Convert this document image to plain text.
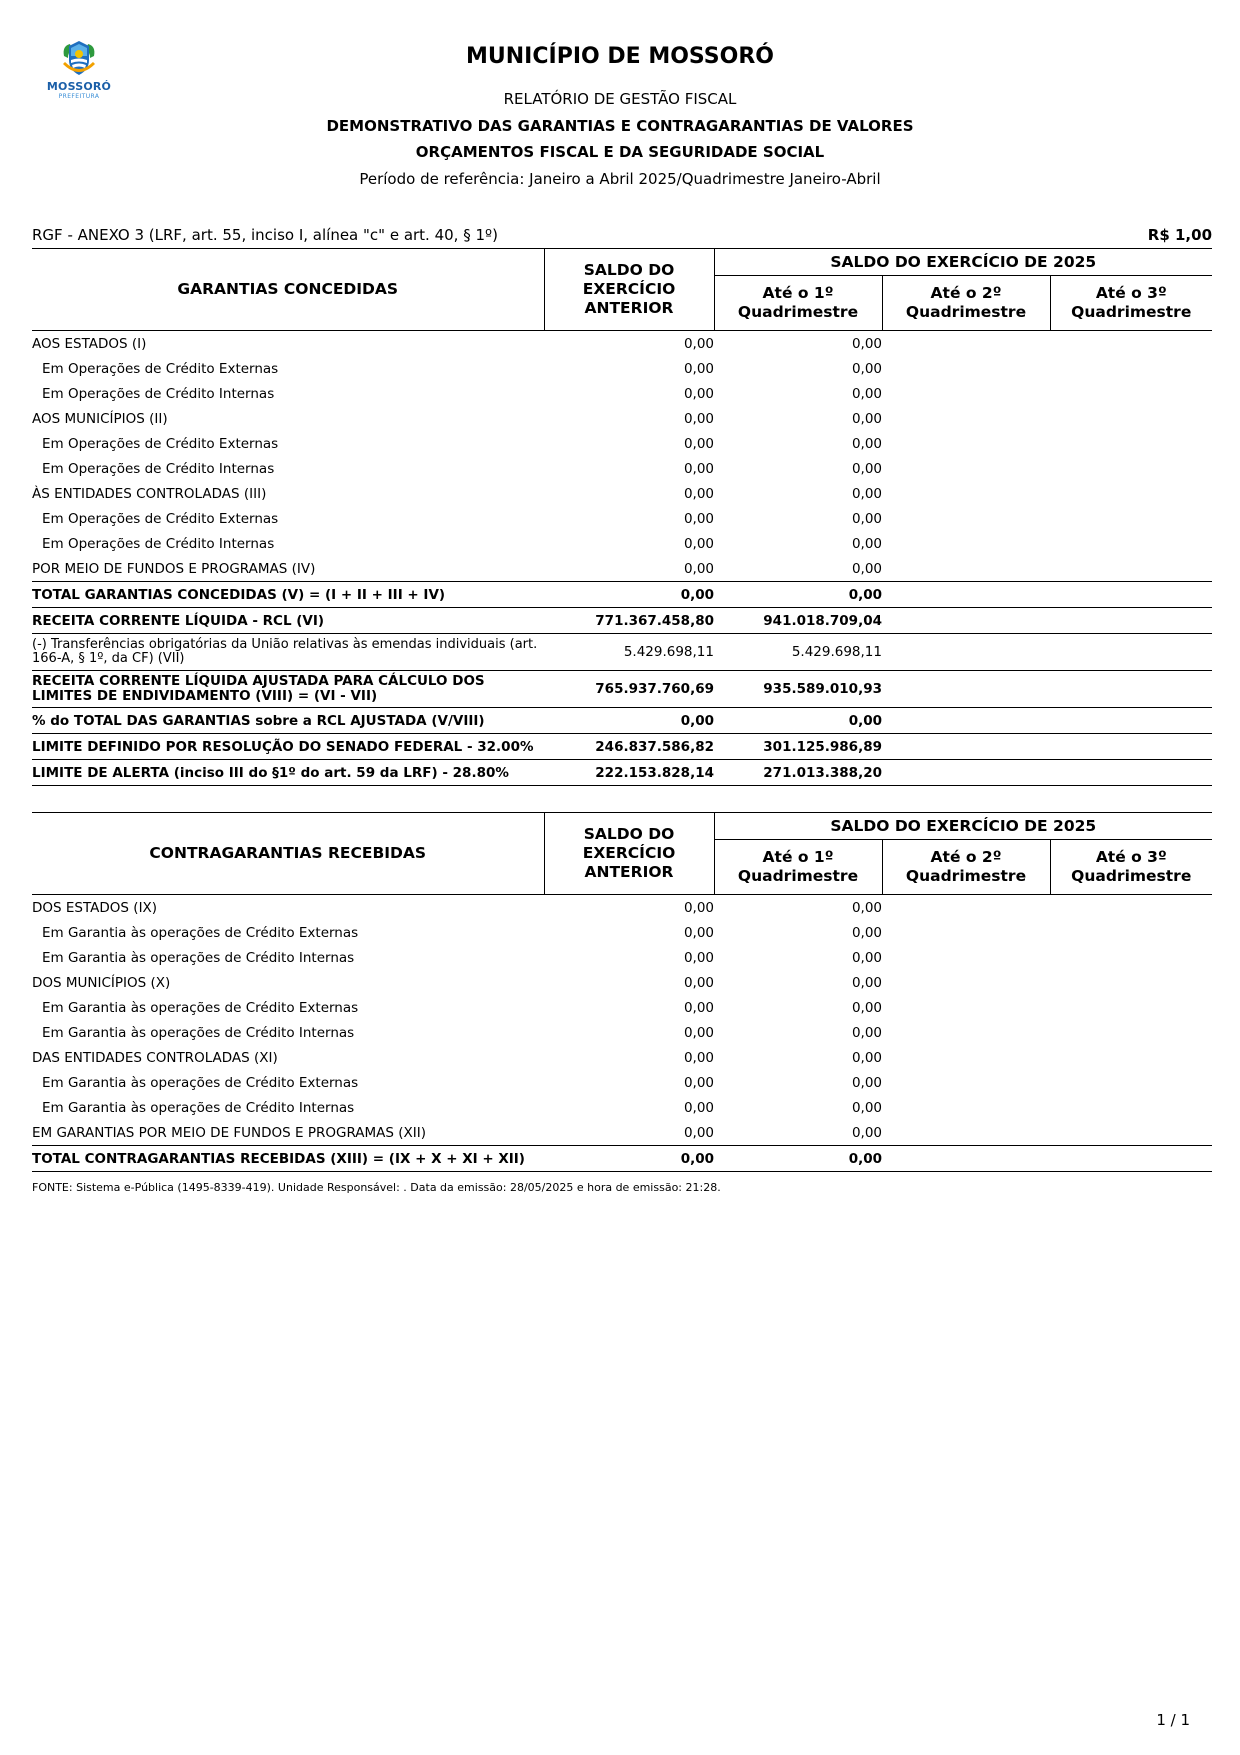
MOSSORÓ
PREFEITURA
MUNICÍPIO DE MOSSORÓ
RELATÓRIO DE GESTÃO FISCAL
DEMONSTRATIVO DAS GARANTIAS E CONTRAGARANTIAS DE VALORES
ORÇAMENTOS FISCAL E DA SEGURIDADE SOCIAL
Período de referência: Janeiro a Abril 2025/Quadrimestre Janeiro-Abril
RGF - ANEXO 3 (LRF, art. 55, inciso I, alínea "c" e art. 40, § 1º)	R$ 1,00
GARANTIAS CONCEDIDAS	SALDO DO EXERCÍCIO ANTERIOR	SALDO DO EXERCÍCIO DE 2025		
		Até o 1º Quadrimestre	Até o 2º Quadrimestre	Até o 3º Quadrimestre
AOS ESTADOS (I)	0,00	0,00		
Em Operações de Crédito Externas	0,00	0,00		
Em Operações de Crédito Internas	0,00	0,00		
AOS MUNICÍPIOS (II)	0,00	0,00		
Em Operações de Crédito Externas	0,00	0,00		
Em Operações de Crédito Internas	0,00	0,00		
ÀS ENTIDADES CONTROLADAS (III)	0,00	0,00		
Em Operações de Crédito Externas	0,00	0,00		
Em Operações de Crédito Internas	0,00	0,00		
POR MEIO DE FUNDOS E PROGRAMAS (IV)	0,00	0,00		
TOTAL GARANTIAS CONCEDIDAS (V) = (I + II + III + IV)	0,00	0,00		
RECEITA CORRENTE LÍQUIDA - RCL (VI)	771.367.458,80	941.018.709,04		
(-) Transferências obrigatórias da União relativas às emendas individuais (art. 166-A, § 1º, da CF) (VII)	5.429.698,11	5.429.698,11		
RECEITA CORRENTE LÍQUIDA AJUSTADA PARA CÁLCULO DOS LIMITES DE ENDIVIDAMENTO (VIII) = (VI - VII)	765.937.760,69	935.589.010,93		
% do TOTAL DAS GARANTIAS sobre a RCL AJUSTADA (V/VIII)	0,00	0,00		
LIMITE DEFINIDO POR RESOLUÇÃO DO SENADO FEDERAL - 32.00%	246.837.586,82	301.125.986,89		
LIMITE DE ALERTA (inciso III do §1º do art. 59 da LRF) - 28.80%	222.153.828,14	271.013.388,20		
CONTRAGARANTIAS RECEBIDAS	SALDO DO EXERCÍCIO ANTERIOR	SALDO DO EXERCÍCIO DE 2025		
		Até o 1º Quadrimestre	Até o 2º Quadrimestre	Até o 3º Quadrimestre
DOS ESTADOS (IX)	0,00	0,00		
Em Garantia às operações de Crédito Externas	0,00	0,00		
Em Garantia às operações de Crédito Internas	0,00	0,00		
DOS MUNICÍPIOS (X)	0,00	0,00		
Em Garantia às operações de Crédito Externas	0,00	0,00		
Em Garantia às operações de Crédito Internas	0,00	0,00		
DAS ENTIDADES CONTROLADAS (XI)	0,00	0,00		
Em Garantia às operações de Crédito Externas	0,00	0,00		
Em Garantia às operações de Crédito Internas	0,00	0,00		
EM GARANTIAS POR MEIO DE FUNDOS E PROGRAMAS (XII)	0,00	0,00		
TOTAL CONTRAGARANTIAS RECEBIDAS (XIII) = (IX + X + XI + XII)	0,00	0,00		
FONTE: Sistema e-Pública (1495-8339-419). Unidade Responsável: . Data da emissão: 28/05/2025 e hora de emissão: 21:28.
1 / 1
